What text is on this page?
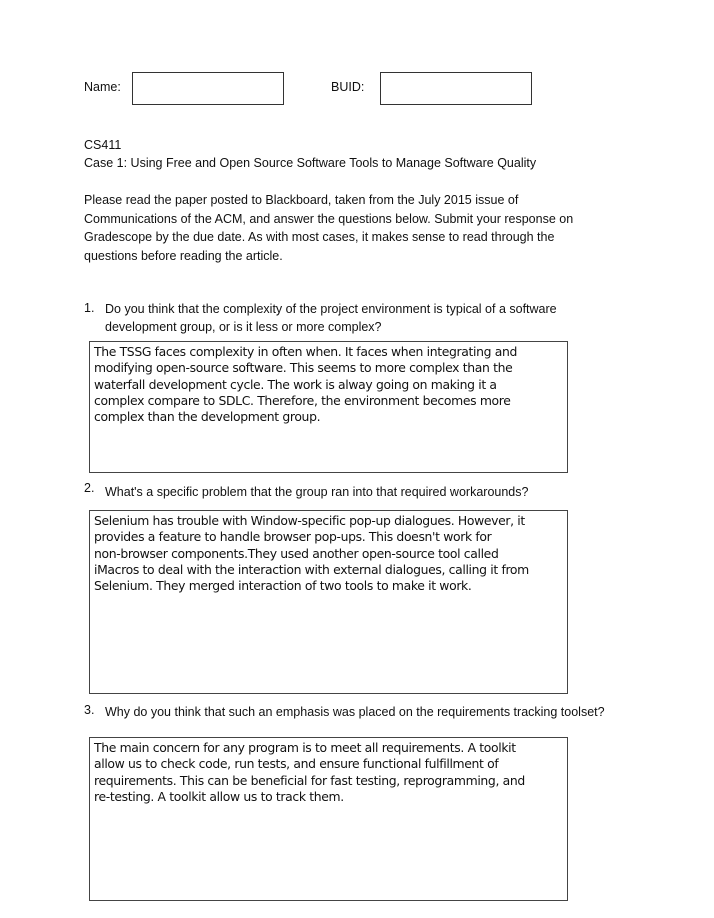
Name:	BUID:
CS411
Case 1: Using Free and Open Source Software Tools to Manage Software Quality
Please read the paper posted to Blackboard, taken from the July 2015 issue of Communications of the ACM, and answer the questions below. Submit your response on Gradescope by the due date. As with most cases, it makes sense to read through the questions before reading the article.
1. Do you think that the complexity of the project environment is typical of a software development group, or is it less or more complex?
The TSSG faces complexity in often when. It faces when integrating and
modifying open-source software. This seems to more complex than the
waterfall development cycle. The work is alway going on making it a
complex compare to SDLC. Therefore, the environment becomes more
complex than the development group.
2. What's a specific problem that the group ran into that required workarounds?
Selenium has trouble with Window-specific pop-up dialogues. However, it
provides a feature to handle browser pop-ups. This doesn't work for
non-browser components.They used another open-source tool called
iMacros to deal with the interaction with external dialogues, calling it from
Selenium. They merged interaction of two tools to make it work.
3. Why do you think that such an emphasis was placed on the requirements tracking toolset?
The main concern for any program is to meet all requirements. A toolkit
allow us to check code, run tests, and ensure functional fulfillment of
requirements. This can be beneficial for fast testing, reprogramming, and
re-testing. A toolkit allow us to track them.
